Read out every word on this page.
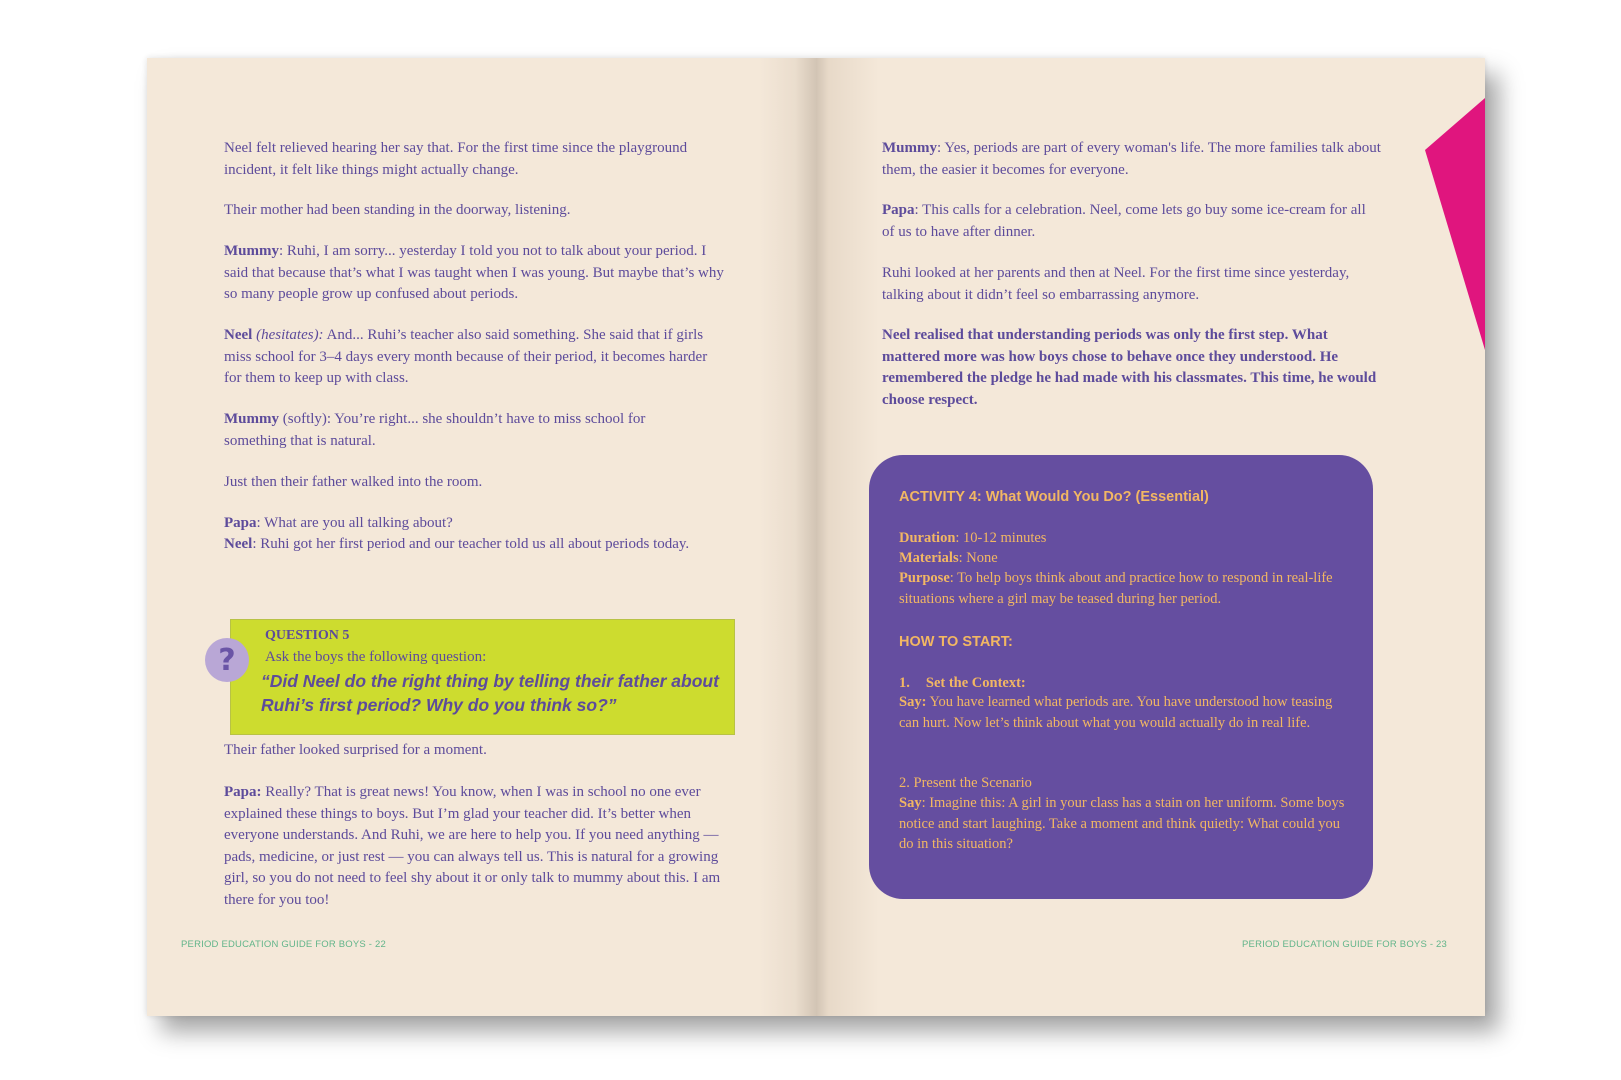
Neel felt relieved hearing her say that. For the first time since the playground incident, it felt like things might actually change.

Their mother had been standing in the doorway, listening.

Mummy: Ruhi, I am sorry... yesterday I told you not to talk about your period. I said that because that’s what I was taught when I was young. But maybe that’s why so many people grow up confused about periods.

Neel (hesitates): And... Ruhi’s teacher also said something. She said that if girls miss school for 3–4 days every month because of their period, it becomes harder for them to keep up with class.

Mummy (softly): You’re right... she shouldn’t have to miss school for something that is natural.

Just then their father walked into the room.

Papa: What are you all talking about?

Neel: Ruhi got her first period and our teacher told us all about periods today.

Their father looked surprised for a moment.

Papa: Really? That is great news! You know, when I was in school no one ever explained these things to boys. But I’m glad your teacher did. It’s better when everyone understands. And Ruhi, we are here to help you. If you need anything — pads, medicine, or just rest — you can always tell us. This is natural for a growing girl, so you do not need to feel shy about it or only talk to mummy about this. I am there for you too!

?
QUESTION 5
Ask the boys the following question:
“Did Neel do the right thing by telling their father about Ruhi’s first period? Why do you think so?”
PERIOD EDUCATION GUIDE FOR BOYS - 22

Mummy: Yes, periods are part of every woman's life. The more families talk about them, the easier it becomes for everyone.

Papa: This calls for a celebration. Neel, come lets go buy some ice-cream for all of us to have after dinner.

Ruhi looked at her parents and then at Neel. For the first time since yesterday, talking about it didn’t feel so embarrassing anymore.

Neel realised that understanding periods was only the first step. What mattered more was how boys chose to behave once they understood. He remembered the pledge he had made with his classmates. This time, he would choose respect.

ACTIVITY 4: What Would You Do? (Essential)

Duration: 10-12 minutes

Materials: None

Purpose: To help boys think about and practice how to respond in real-life situations where a girl may be teased during her period.

HOW TO START:

1. Set the Context:

Say: You have learned what periods are. You have understood how teasing can hurt. Now let’s think about what you would actually do in real life.

2. Present the Scenario

Say: Imagine this: A girl in your class has a stain on her uniform. Some boys notice and start laughing. Take a moment and think quietly: What could you do in this situation?

PERIOD EDUCATION GUIDE FOR BOYS - 23
